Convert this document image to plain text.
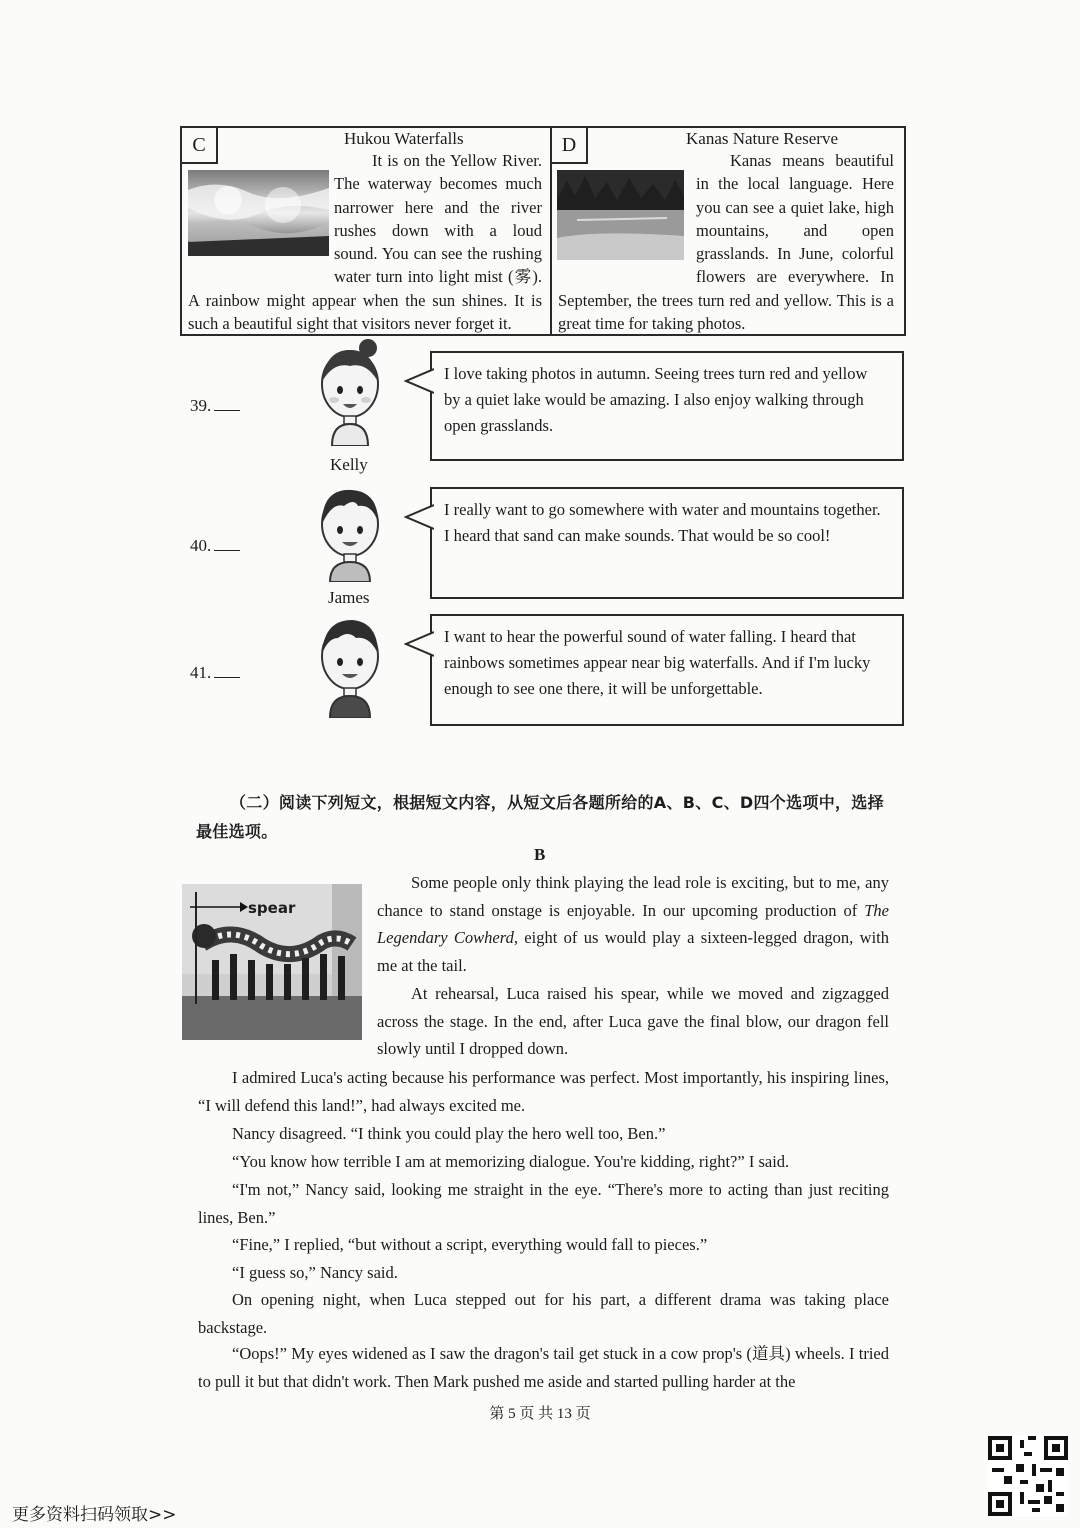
C	Hukou Waterfalls
It is on the Yellow River. The waterway becomes much narrower here and the river rushes down with a loud sound. You can see the rushing water turn into light mist (雾). A rainbow might appear when the sun shines. It is such a beautiful sight that visitors never forget it.
D	Kanas Nature Reserve
Kanas means beautiful in the local language. Here you can see a quiet lake, high mountains, and open grasslands. In June, colorful flowers are everywhere. In September, the trees turn red and yellow. This is a great time for taking photos.
39.
Kelly
I love taking photos in autumn. Seeing trees turn red and yellow by a quiet lake would be amazing. I also enjoy walking through open grasslands.
40.
James
I really want to go somewhere with water and mountains together. I heard that sand can make sounds. That would be so cool!
41.
I want to hear the powerful sound of water falling. I heard that rainbows sometimes appear near big waterfalls. And if I'm lucky enough to see one there, it will be unforgettable.
（二）阅读下列短文，根据短文内容，从短文后各题所给的A、B、C、D四个选项中，选择最佳选项。
B
spear

Some people only think playing the lead role is exciting, but to me, any chance to stand onstage is enjoyable. In our upcoming production of The Legendary Cowherd, eight of us would play a sixteen-legged dragon, with me at the tail.

At rehearsal, Luca raised his spear, while we moved and zigzagged across the stage. In the end, after Luca gave the final blow, our dragon fell slowly until I dropped down.

I admired Luca's acting because his performance was perfect. Most importantly, his inspiring lines, “I will defend this land!”, had always excited me.

Nancy disagreed. “I think you could play the hero well too, Ben.”

“You know how terrible I am at memorizing dialogue. You're kidding, right?” I said.

“I'm not,” Nancy said, looking me straight in the eye. “There's more to acting than just reciting lines, Ben.”

“Fine,” I replied, “but without a script, everything would fall to pieces.”

“I guess so,” Nancy said.

On opening night, when Luca stepped out for his part, a different drama was taking place backstage.

“Oops!” My eyes widened as I saw the dragon's tail get stuck in a cow prop's (道具) wheels. I tried to pull it but that didn't work. Then Mark pushed me aside and started pulling harder at the

第 5 页 共 13 页
更多资料扫码领取>>
